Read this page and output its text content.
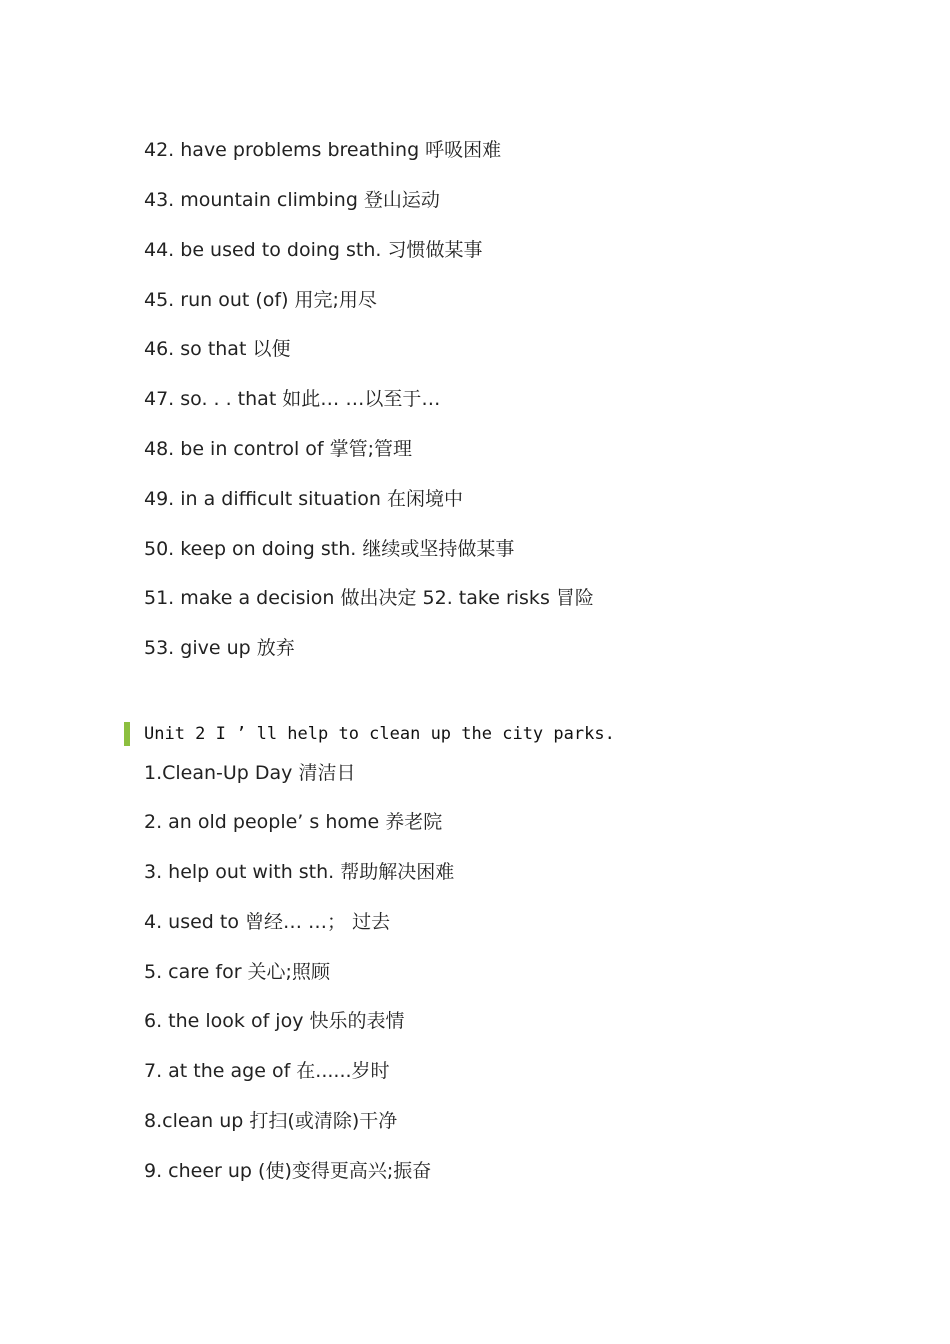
42. have problems breathing 呼吸困难
43. mountain climbing 登山运动
44. be used to doing sth. 习惯做某事
45. run out (of) 用完;用尽
46. so that 以便
47. so. . . that 如此… …以至于…
48. be in control of 掌管;管理
49. in a difficult situation 在闲境中
50. keep on doing sth. 继续或坚持做某事
51. make a decision 做出决定 52. take risks 冒险
53. give up 放弃
Unit 2 I ’ ll help to clean up the city parks.
1.Clean-Up Day 清洁日
2. an old people’ s home 养老院
3. help out with sth. 帮助解决困难
4. used to 曾经… …； 过去
5. care for 关心;照顾
6. the look of joy 快乐的表情
7. at the age of 在......岁时
8.clean up 打扫(或清除)干净
9. cheer up (使)变得更高兴;振奋
